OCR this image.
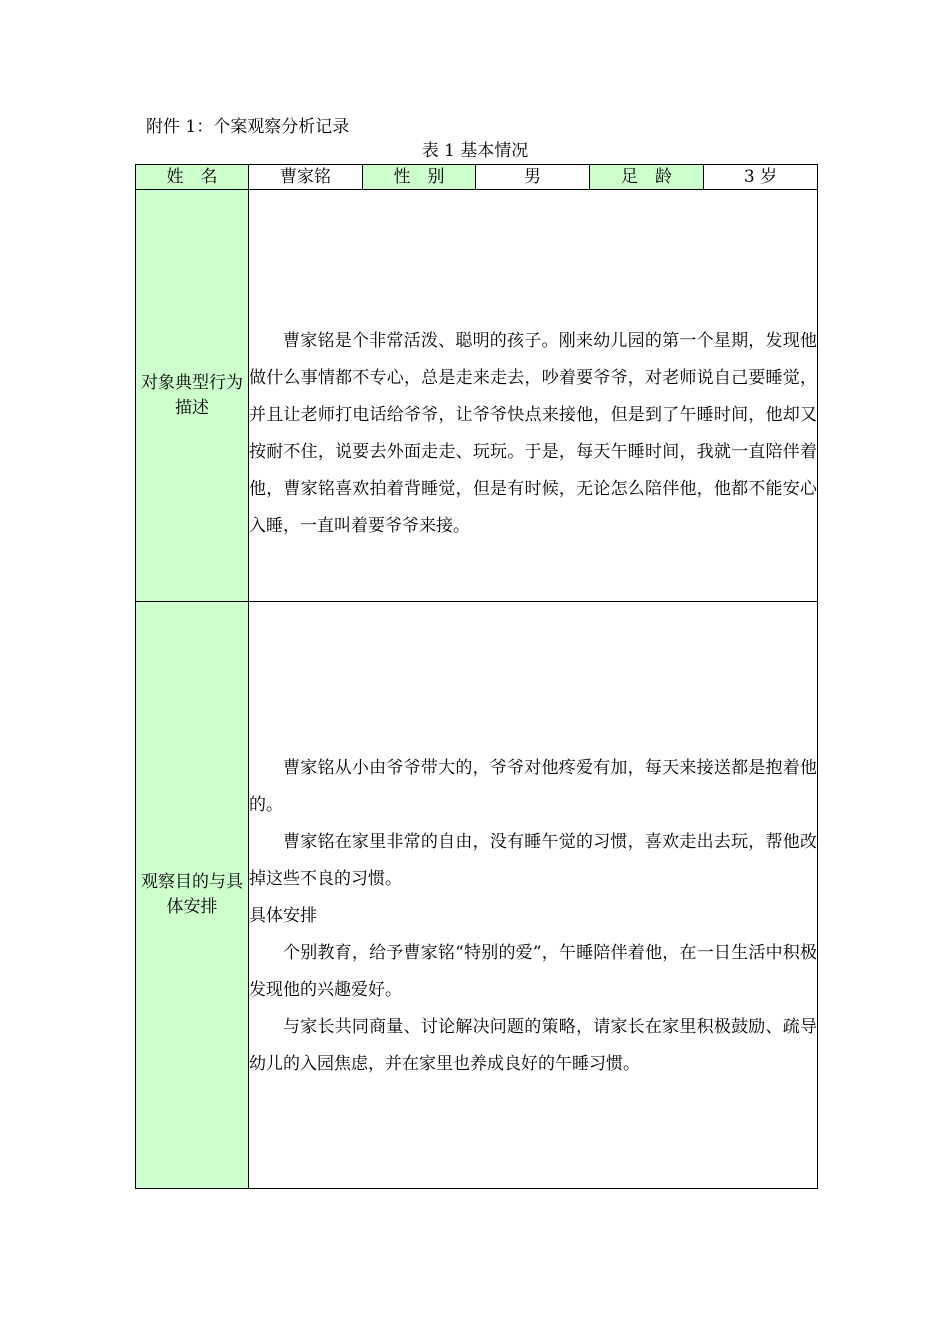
附件 1：个案观察分析记录
表 1 基本情况
姓　名	曹家铭	性　别	男	足　龄	3 岁
对象典型行为描述	曹家铭是个非常活泼、聪明的孩子。刚来幼儿园的第一个星期，发现他做什么事情都不专心，总是走来走去，吵着要爷爷，对老师说自己要睡觉，并且让老师打电话给爷爷，让爷爷快点来接他，但是到了午睡时间，他却又按耐不住，说要去外面走走、玩玩。于是，每天午睡时间，我就一直陪伴着他，曹家铭喜欢拍着背睡觉，但是有时候，无论怎么陪伴他，他都不能安心入睡，一直叫着要爷爷来接。				

观察目的与具体安排	曹家铭从小由爷爷带大的，爷爷对他疼爱有加，每天来接送都是抱着他的。

曹家铭在家里非常的自由，没有睡午觉的习惯，喜欢走出去玩，帮他改掉这些不良的习惯。

具体安排

个别教育，给予曹家铭“特别的爱”，午睡陪伴着他，在一日生活中积极发现他的兴趣爱好。

与家长共同商量、讨论解决问题的策略，请家长在家里积极鼓励、疏导幼儿的入园焦虑，并在家里也养成良好的午睡习惯。				
